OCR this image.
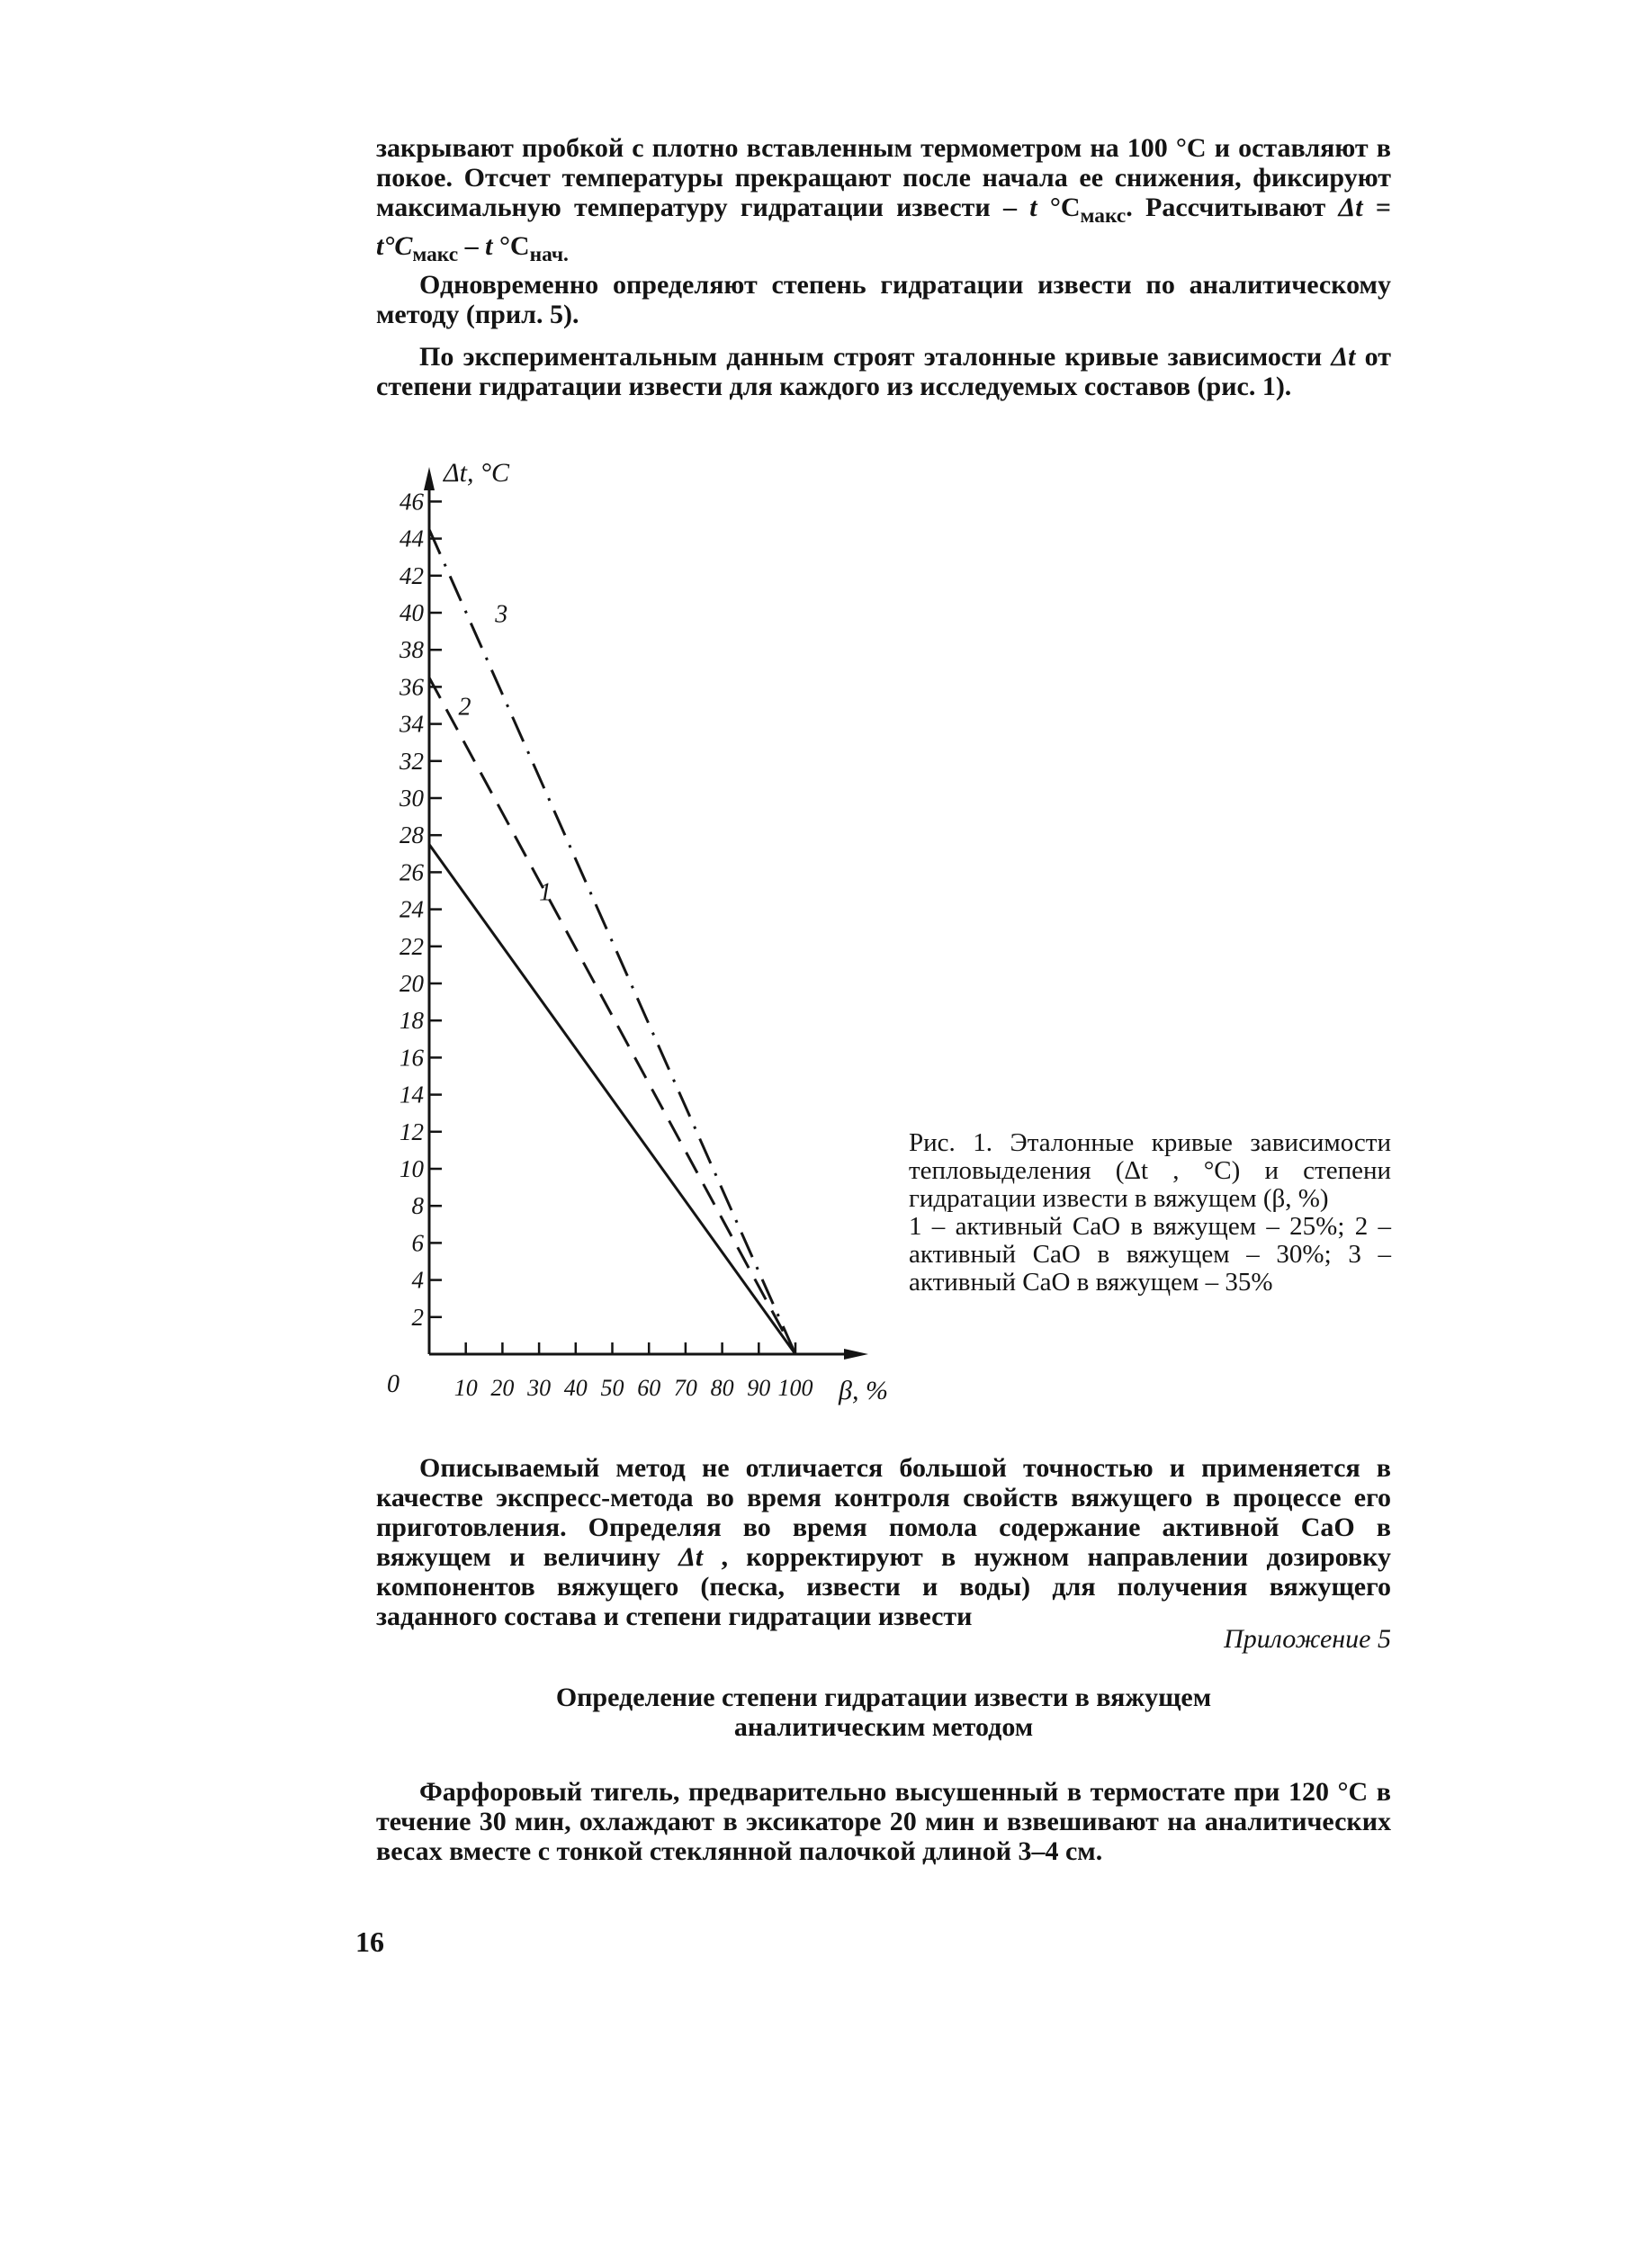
закрывают пробкой с плотно вставленным термометром на 100 °С и оставляют в покое. Отсчет температуры прекращают после начала ее снижения, фиксируют максимальную температуру гидратации извести – t $^\circ С_{макс}$. Рассчитывают $\Delta t = t^\circ С_{макс} - t$ $^\circ С_{нач.}$

Одновременно определяют степень гидратации извести по аналитическому методу (прил. 5).

По экспериментальным данным строят эталонные кривые зависимости Δt от степени гидратации извести для каждого из исследуемых составов (рис. 1).

2
4
6
8
10
12
14
16
18
20
22
24
26
28
30
32
34
36
38
40
42
44
46
10 20 30 40 50 60 70 80 90 100
1
2
3
Δt, °С
β, %
0

Рис. 1. Эталонные кривые зависимости тепловыделения (Δt , °С) и степени гидратации извести в вяжущем (β, %)

1 – активный СаО в вяжущем – 25%; 2 – активный СаО в вяжущем – 30%; 3 – активный СаО в вяжущем – 35%

Описываемый метод не отличается большой точностью и применяется в качестве экспресс-метода во время контроля свойств вяжущего в процессе его приготовления. Определяя во время помола содержание активной СаО в вяжущем и величину Δt , корректируют в нужном направлении дозировку компонентов вяжущего (песка, извести и воды) для получения вяжущего заданного состава и степени гидратации извести

Приложение 5
Определение степени гидратации извести в вяжущем
аналитическим методом

Фарфоровый тигель, предварительно высушенный в термостате при 120 °С в течение 30 мин, охлаждают в эксикаторе 20 мин и взвешивают на аналитических весах вместе с тонкой стеклянной палочкой длиной 3–4 см.

16
